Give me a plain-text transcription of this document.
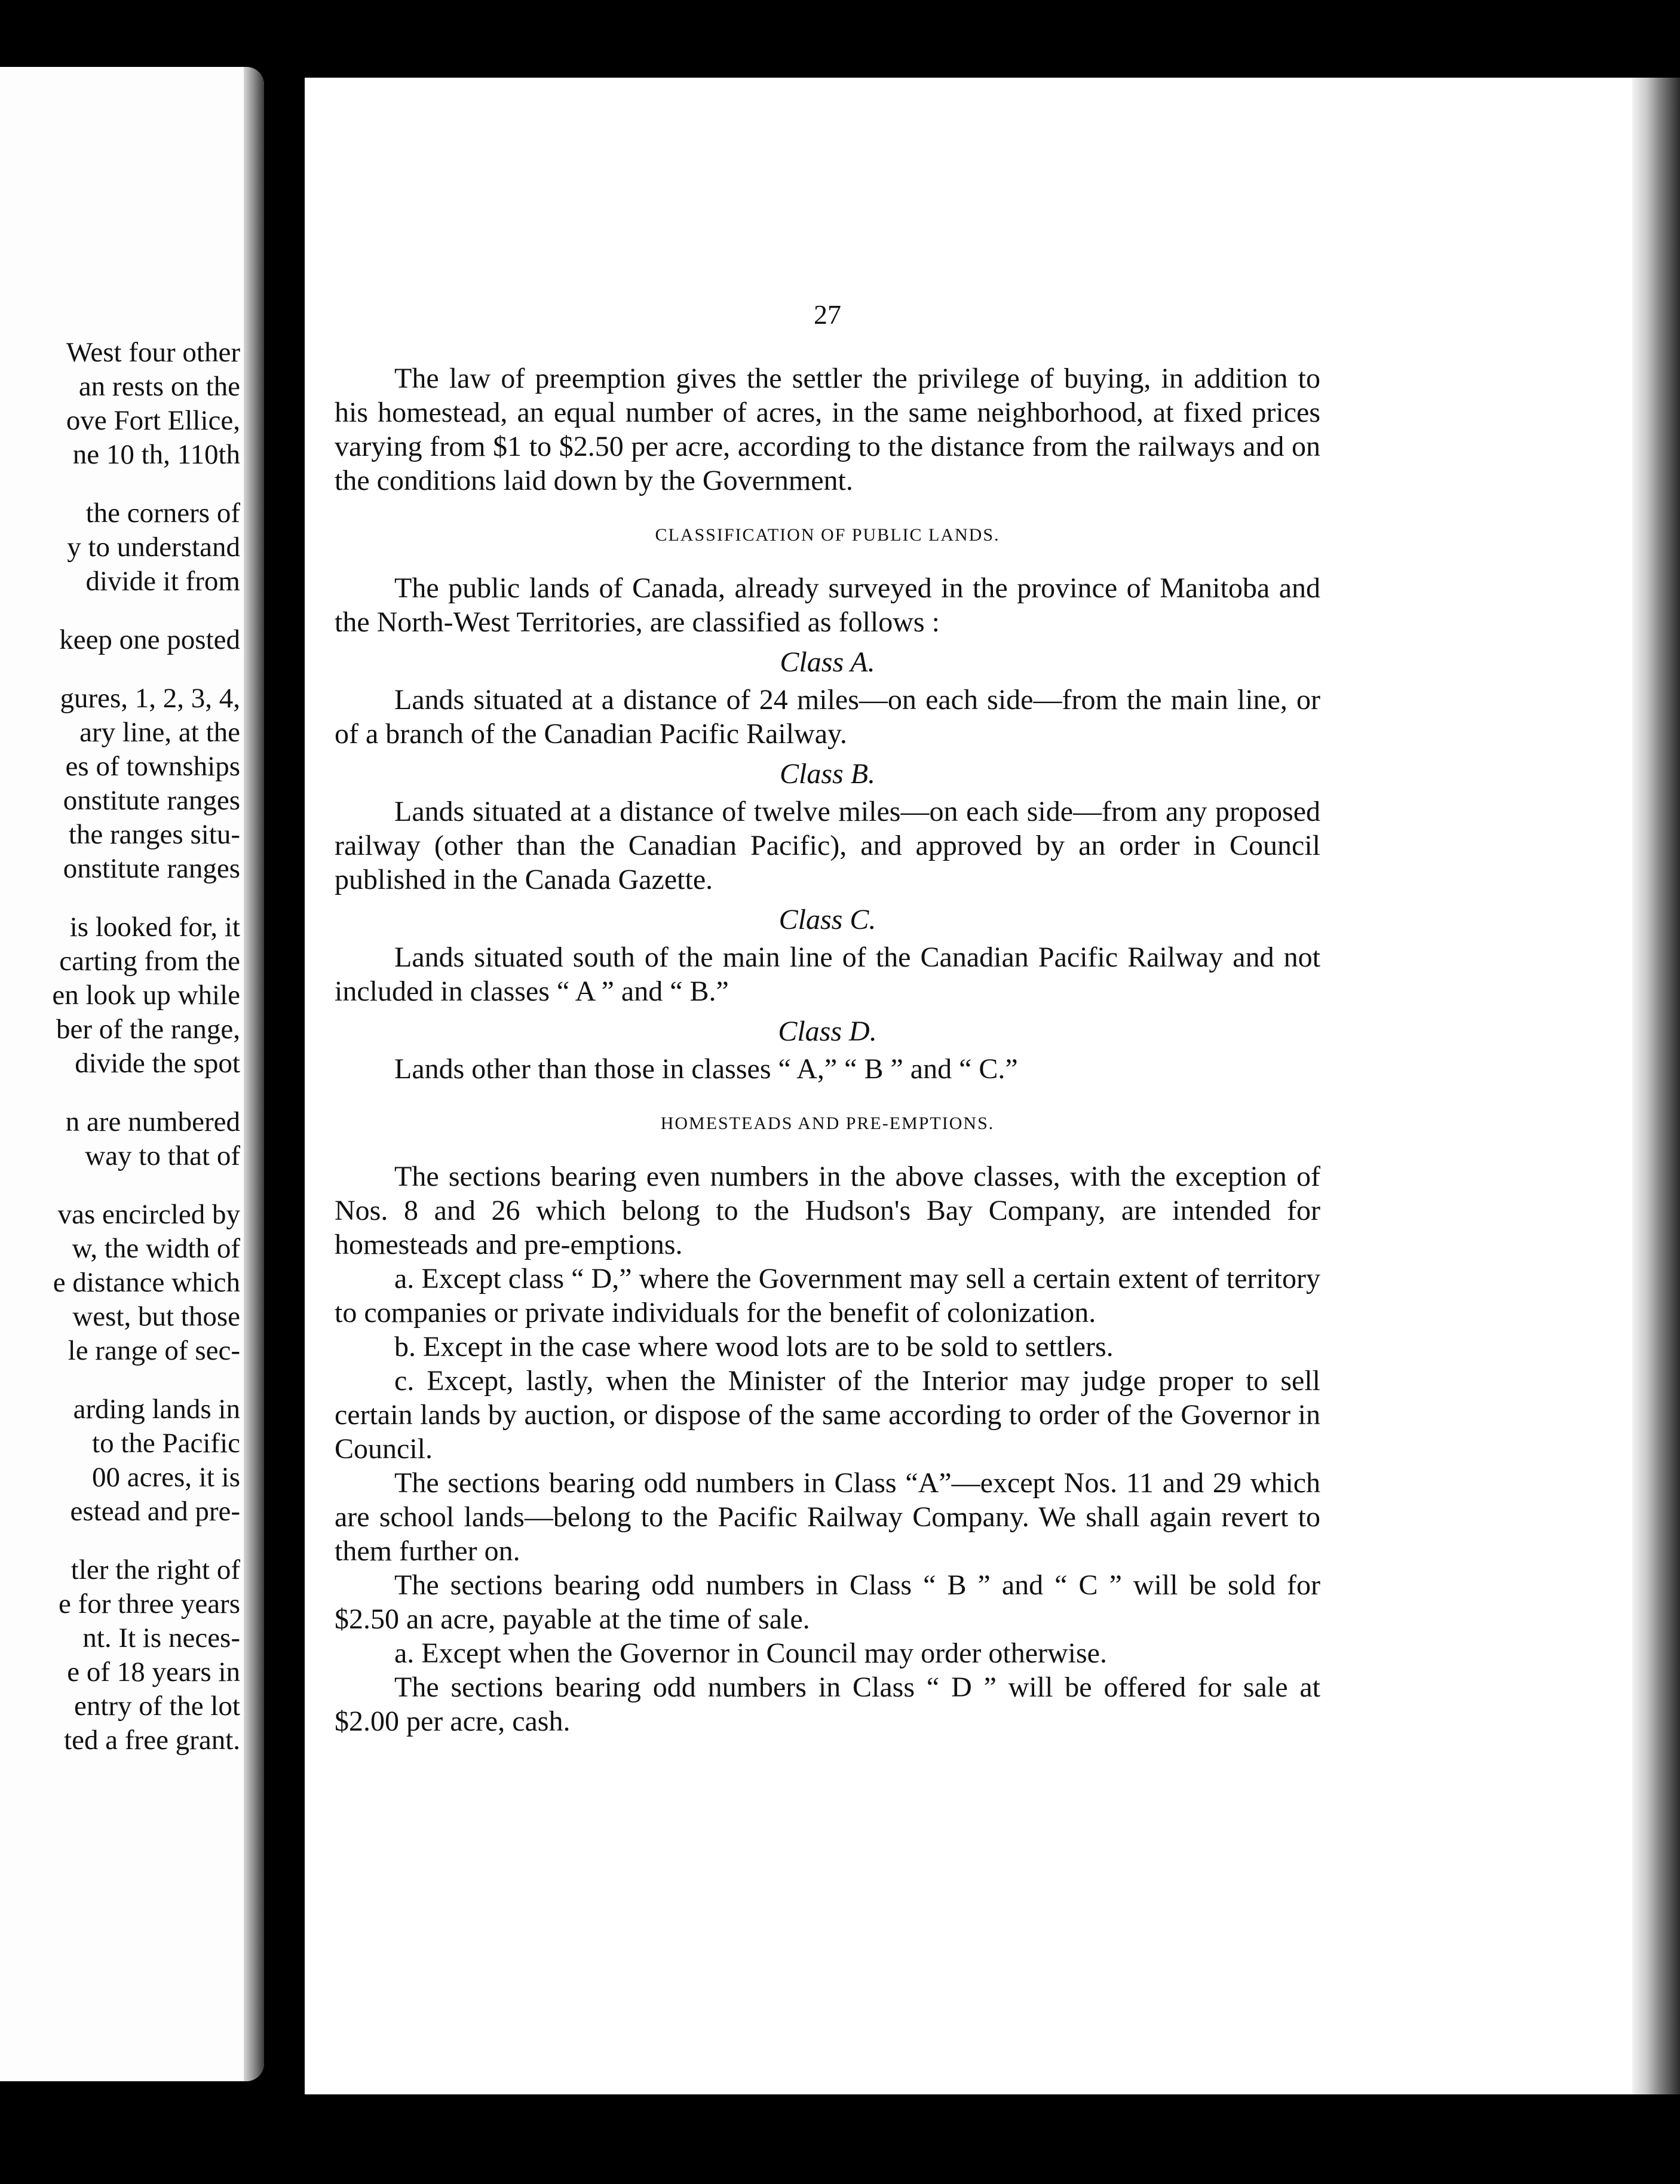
West four other
an rests on the
ove Fort Ellice,
ne 10 th, 110th
the corners of
y to understand
divide it from
keep one posted
gures, 1, 2, 3, 4,
ary line, at the
es of townships
onstitute ranges
the ranges situ-
onstitute ranges
is looked for, it
carting from the
en look up while
ber of the range,
divide the spot
n are numbered
way to that of
vas encircled by
w, the width of
e distance which
west, but those
le range of sec-
arding lands in
to the Pacific
00 acres, it is
estead and pre-
tler the right of
e for three years
nt. It is neces-
e of 18 years in
entry of the lot
ted a free grant.
27

The law of preemption gives the settler the privilege of buying, in addition to his homestead, an equal number of acres, in the same neighborhood, at fixed prices varying from $1 to $2.50 per acre, according to the distance from the railways and on the conditions laid down by the Government.

CLASSIFICATION OF PUBLIC LANDS.

The public lands of Canada, already surveyed in the province of Manitoba and the North-West Territories, are classified as follows :

Class A.

Lands situated at a distance of 24 miles—on each side—from the main line, or of a branch of the Canadian Pacific Railway.

Class B.

Lands situated at a distance of twelve miles—on each side—from any proposed railway (other than the Canadian Pacific), and approved by an order in Council published in the Canada Gazette.

Class C.

Lands situated south of the main line of the Canadian Pacific Railway and not included in classes “ A ” and “ B.”

Class D.

Lands other than those in classes “ A,” “ B ” and “ C.”

HOMESTEADS AND PRE-EMPTIONS.

The sections bearing even numbers in the above classes, with the exception of Nos. 8 and 26 which belong to the Hudson's Bay Company, are intended for homesteads and pre-emptions.

a. Except class “ D,” where the Government may sell a certain extent of territory to companies or private individuals for the benefit of colonization.

b. Except in the case where wood lots are to be sold to settlers.

c. Except, lastly, when the Minister of the Interior may judge proper to sell certain lands by auction, or dispose of the same according to order of the Governor in Council.

The sections bearing odd numbers in Class “A”—except Nos. 11 and 29 which are school lands—belong to the Pacific Railway Company. We shall again revert to them further on.

The sections bearing odd numbers in Class “ B ” and “ C ” will be sold for $2.50 an acre, payable at the time of sale.

a. Except when the Governor in Council may order otherwise.

The sections bearing odd numbers in Class “ D ” will be offered for sale at $2.00 per acre, cash.
